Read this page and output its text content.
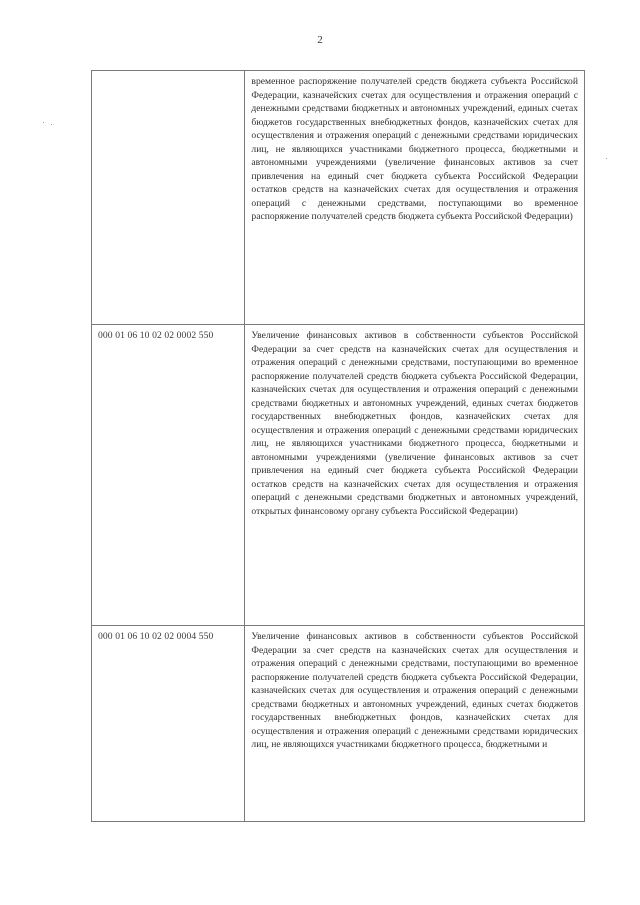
2
	временное распоряжение получателей средств бюджета субъекта Российской Федерации, казначейских счетах для осуществления и отражения операций с денежными средствами бюджетных и автономных учреждений, единых счетах бюджетов государственных внебюджетных фондов, казначейских счетах для осуществления и отражения операций с денежными средствами юридических лиц, не являющихся участниками бюджетного процесса, бюджетными и автономными учреждениями (увеличение финансовых активов за счет привлечения на единый счет бюджета субъекта Российской Федерации остатков средств на казначейских счетах для осуществления и отражения операций с денежными средствами, поступающими во временное распоряжение получателей средств бюджета субъекта Российской Федерации)
000 01 06 10 02 02 0002 550	Увеличение финансовых активов в собственности субъектов Российской Федерации за счет средств на казначейских счетах для осуществления и отражения операций с денежными средствами, поступающими во временное распоряжение получателей средств бюджета субъекта Российской Федерации, казначейских счетах для осуществления и отражения операций с денежными средствами бюджетных и автономных учреждений, единых счетах бюджетов государственных внебюджетных фондов, казначейских счетах для осуществления и отражения операций с денежными средствами юридических лиц, не являющихся участниками бюджетного процесса, бюджетными и автономными учреждениями (увеличение финансовых активов за счет привлечения на единый счет бюджета субъекта Российской Федерации остатков средств на казначейских счетах для осуществления и отражения операций с денежными средствами бюджетных и автономных учреждений, открытых финансовому органу субъекта Российской Федерации)
000 01 06 10 02 02 0004 550	Увеличение финансовых активов в собственности субъектов Российской Федерации за счет средств на казначейских счетах для осуществления и отражения операций с денежными средствами, поступающими во временное распоряжение получателей средств бюджета субъекта Российской Федерации, казначейских счетах для осуществления и отражения операций с денежными средствами бюджетных и автономных учреждений, единых счетах бюджетов государственных внебюджетных фондов, казначейских счетах для осуществления и отражения операций с денежными средствами юридических лиц, не являющихся участниками бюджетного процесса, бюджетными и
